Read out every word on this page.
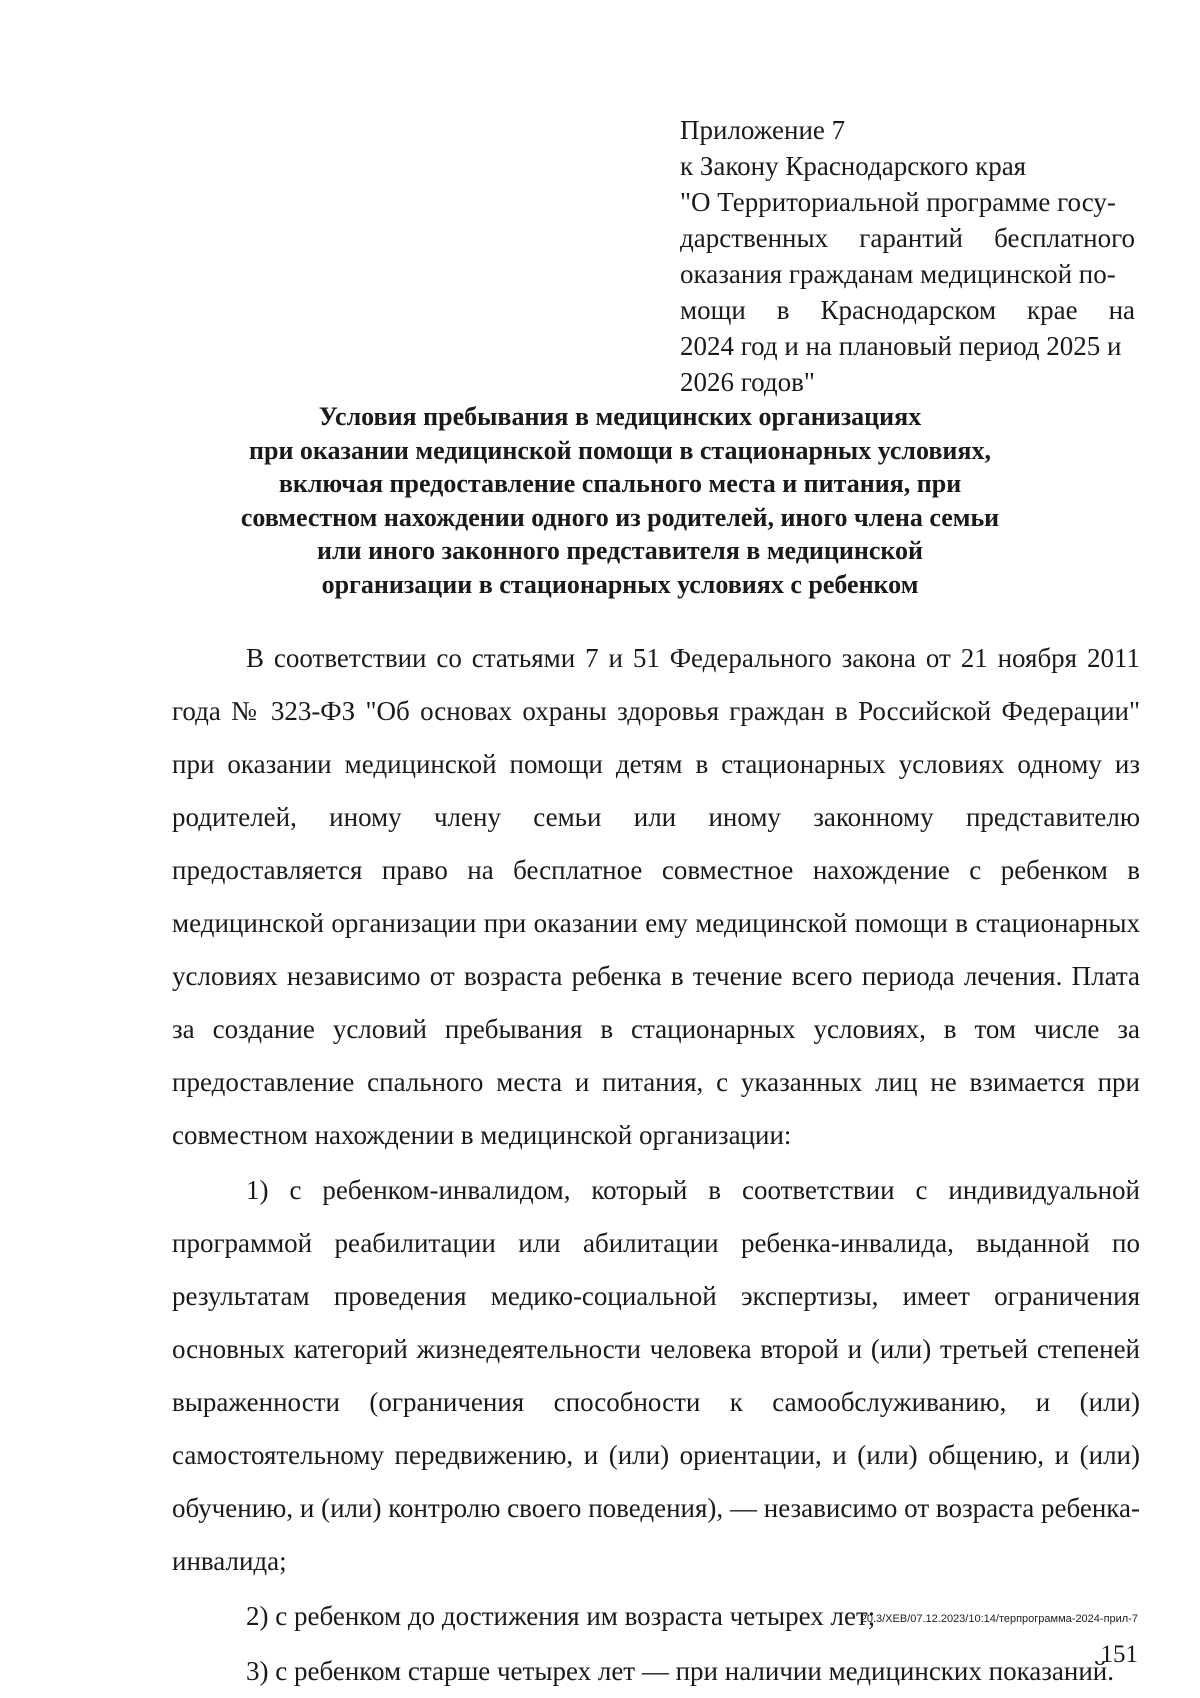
Приложение 7
к Закону Краснодарского края
"О Территориальной программе госу-
дарственных гарантий бесплатного
оказания гражданам медицинской по-
мощи в Краснодарском крае на
2024 год и на плановый период 2025 и
2026 годов"
Условия пребывания в медицинских организациях
при оказании медицинской помощи в стационарных условиях,
включая предоставление спального места и питания, при
совместном нахождении одного из родителей, иного члена семьи
или иного законного представителя в медицинской
организации в стационарных условиях с ребенком

В соответствии со статьями 7 и 51 Федерального закона от 21 ноября 2011 года № 323-ФЗ "Об основах охраны здоровья граждан в Российской Федерации" при оказании медицинской помощи детям в стационарных условиях одному из родителей, иному члену семьи или иному законному представителю предоставляется право на бесплатное совместное нахождение с ребенком в медицинской организации при оказании ему медицинской помощи в стационарных условиях независимо от возраста ребенка в течение всего периода лечения. Плата за создание условий пребывания в стационарных условиях, в том числе за предоставление спального места и питания, с указанных лиц не взимается при совместном нахождении в медицинской организации:

1) с ребенком-инвалидом, который в соответствии с индивидуальной программой реабилитации или абилитации ребенка-инвалида, выданной по результатам проведения медико-социальной экспертизы, имеет ограничения основных категорий жизнедеятельности человека второй и (или) третьей степеней выраженности (ограничения способности к самообслуживанию, и (или) самостоятельному передвижению, и (или) ориентации, и (или) общению, и (или) обучению, и (или) контролю своего поведения), — независимо от возраста ребенка-инвалида;

2) с ребенком до достижения им возраста четырех лет;

3) с ребенком старше четырех лет — при наличии медицинских показаний.

20.3/ХЕВ/07.12.2023/10:14/терпрограмма-2024-прил-7
151
